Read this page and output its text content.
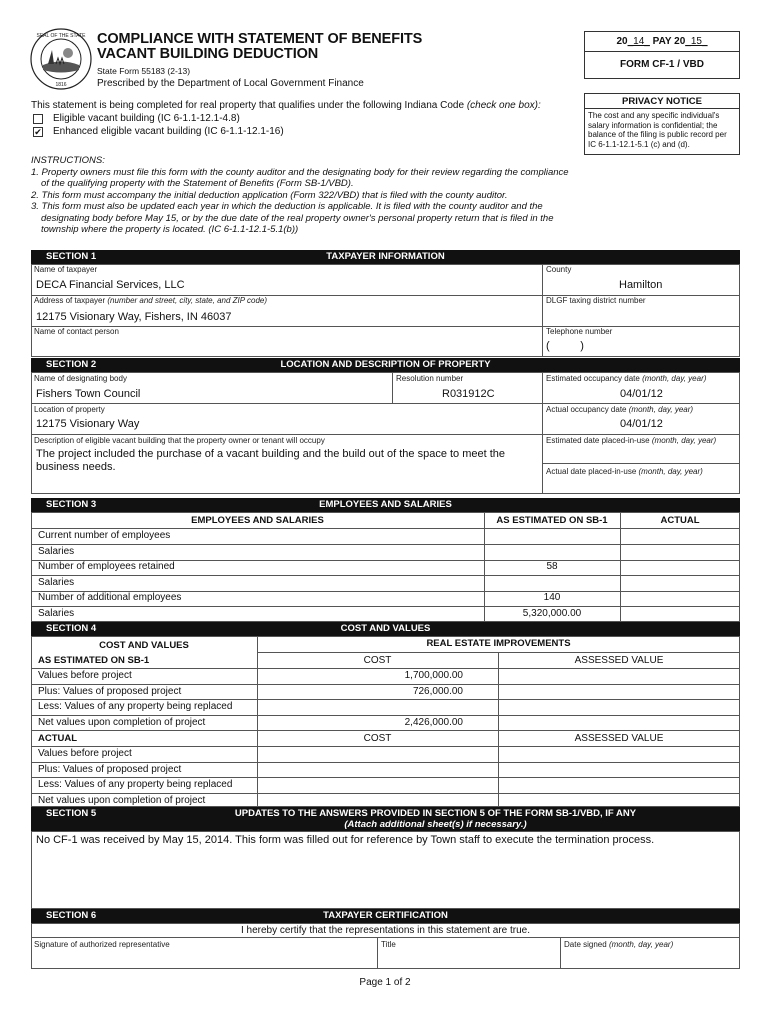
SEAL OF THE STATE
1816
COMPLIANCE WITH STATEMENT OF BENEFITS
VACANT BUILDING DEDUCTION
State Form 55183 (2-13)
Prescribed by the Department of Local Government Finance
20_14_ PAY 20_15_
FORM CF-1 / VBD
PRIVACY NOTICE
The cost and any specific individual's salary information is confidential; the balance of the filing is public record per IC 6-1.1-12.1-5.1 (c) and (d).
This statement is being completed for real property that qualifies under the following Indiana Code (check one box):
Eligible vacant building (IC 6-1.1-12.1-4.8)
✔ Enhanced eligible vacant building (IC 6-1.1-12.1-16)
INSTRUCTIONS:
1. Property owners must file this form with the county auditor and the designating body for their review regarding the compliance of the qualifying property with the Statement of Benefits (Form SB-1/VBD).
2. This form must accompany the initial deduction application (Form 322/VBD) that is filed with the county auditor.
3. This form must also be updated each year in which the deduction is applicable. It is filed with the county auditor and the designating body before May 15, or by the due date of the real property owner's personal property return that is filed in the township where the property is located. (IC 6-1.1-12.1-5.1(b))
TAXPAYER INFORMATION
SECTION 1
Name of taxpayer
DECA Financial Services, LLC
County
Hamilton
Address of taxpayer (number and street, city, state, and ZIP code)
12175 Visionary Way, Fishers, IN 46037
DLGF taxing district number
Name of contact person	Telephone number
(          )
LOCATION AND DESCRIPTION OF PROPERTY
SECTION 2
Name of designating body
Fishers Town Council
Resolution number
R031912C
Estimated occupancy date (month, day, year)
04/01/12
Location of property
12175 Visionary Way
Actual occupancy date (month, day, year)
04/01/12
Description of eligible vacant building that the property owner or tenant will occupy
The project included the purchase of a vacant building and the build out of the space to meet the business needs.
Estimated date placed-in-use (month, day, year)
Actual date placed-in-use (month, day, year)
EMPLOYEES AND SALARIES
SECTION 3
EMPLOYEES AND SALARIES	AS ESTIMATED ON SB-1	ACTUAL
Current number of employees
Salaries
Number of employees retained	58
Salaries
Number of additional employees	140
Salaries	5,320,000.00
COST AND VALUES
SECTION 4
COST AND VALUES	REAL ESTATE IMPROVEMENTS
AS ESTIMATED ON SB-1	COST	ASSESSED VALUE
ACTUAL	COST	ASSESSED VALUE
Values before project	1,700,000.00
Plus: Values of proposed project	726,000.00
Less: Values of any property being replaced
Net values upon completion of project	2,426,000.00
Values before project
Plus: Values of proposed project
Less: Values of any property being replaced
Net values upon completion of project
SECTION 5	UPDATES TO THE ANSWERS PROVIDED IN SECTION 5 OF THE FORM SB-1/VBD, IF ANY
(Attach additional sheet(s) if necessary.)
No CF-1 was received by May 15, 2014. This form was filled out for reference by Town staff to execute the termination process.
TAXPAYER CERTIFICATION
SECTION 6
I hereby certify that the representations in this statement are true.
Signature of authorized representative	Title	Date signed (month, day, year)
Page 1 of 2
